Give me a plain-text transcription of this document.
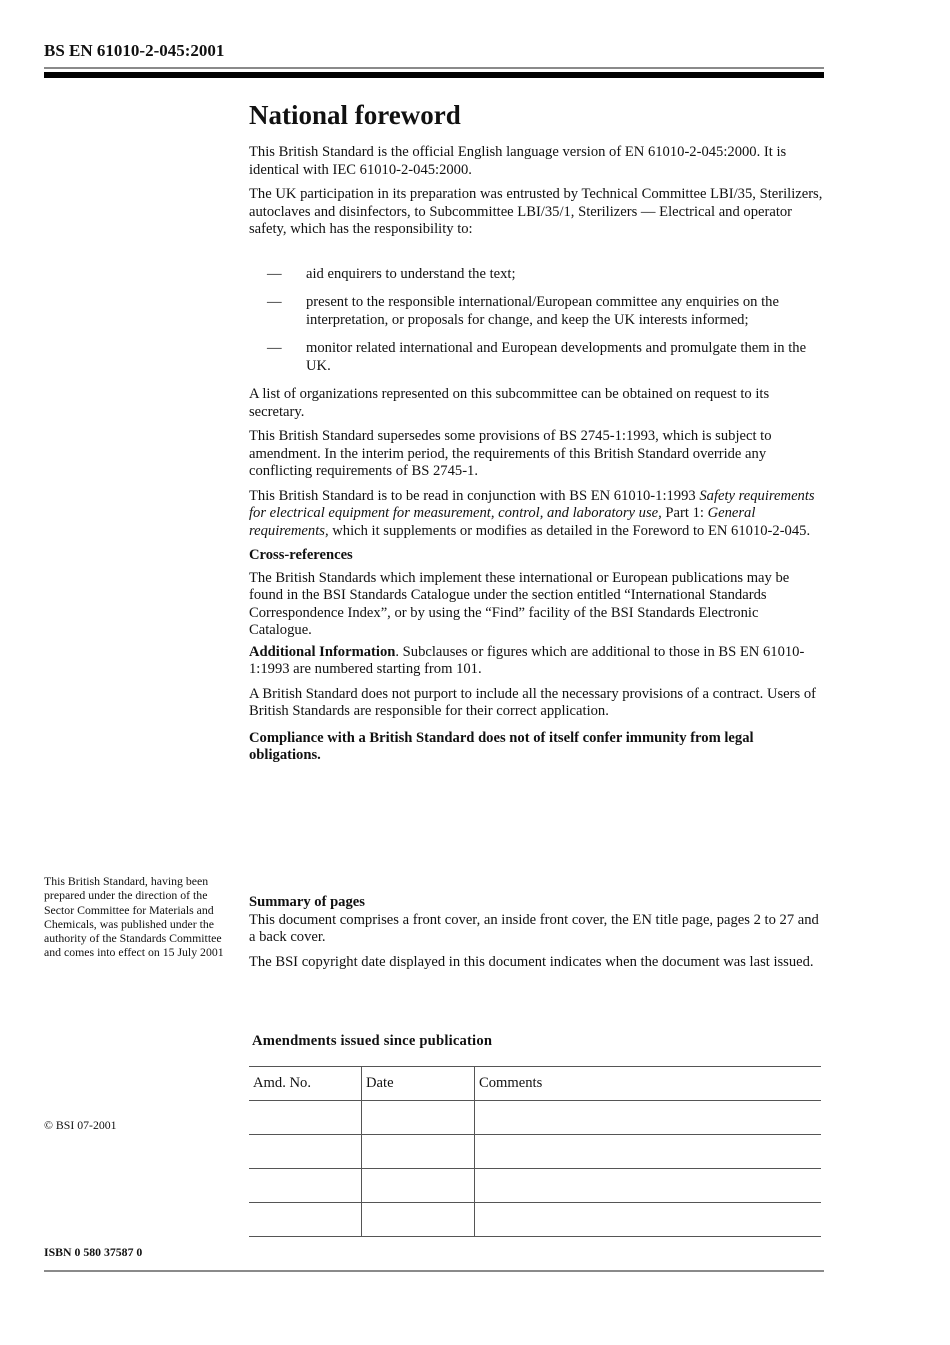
BS EN 61010-2-045:2001
National foreword

This British Standard is the official English language version of EN 61010-2-045:2000. It is identical with IEC 61010-2-045:2000.

The UK participation in its preparation was entrusted by Technical Committee LBI/35, Sterilizers, autoclaves and disinfectors, to Subcommittee LBI/35/1, Sterilizers — Electrical and operator safety, which has the responsibility to:

— aid enquirers to understand the text;
— present to the responsible international/European committee any enquiries on the interpretation, or proposals for change, and keep the UK interests informed;
— monitor related international and European developments and promulgate them in the UK.

A list of organizations represented on this subcommittee can be obtained on request to its secretary.

This British Standard supersedes some provisions of BS 2745-1:1993, which is subject to amendment. In the interim period, the requirements of this British Standard override any conflicting requirements of BS 2745-1.

This British Standard is to be read in conjunction with BS EN 61010-1:1993 Safety requirements for electrical equipment for measurement, control, and laboratory use, Part 1: General requirements, which it supplements or modifies as detailed in the Foreword to EN 61010-2-045.

Cross-references

The British Standards which implement these international or European publications may be found in the BSI Standards Catalogue under the section entitled “International Standards Correspondence Index”, or by using the “Find” facility of the BSI Standards Electronic Catalogue.

Additional Information. Subclauses or figures which are additional to those in BS EN 61010-1:1993 are numbered starting from 101.

A British Standard does not purport to include all the necessary provisions of a contract. Users of British Standards are responsible for their correct application.

Compliance with a British Standard does not of itself confer immunity from legal obligations.

This British Standard, having been prepared under the direction of the Sector Committee for Materials and Chemicals, was published under the authority of the Standards Committee and comes into effect on 15 July 2001

Summary of pages

This document comprises a front cover, an inside front cover, the EN title page, pages 2 to 27 and a back cover.

The BSI copyright date displayed in this document indicates when the document was last issued.

Amendments issued since publication
Amd. No.	Date	Comments

© BSI 07-2001
ISBN 0 580 37587 0
